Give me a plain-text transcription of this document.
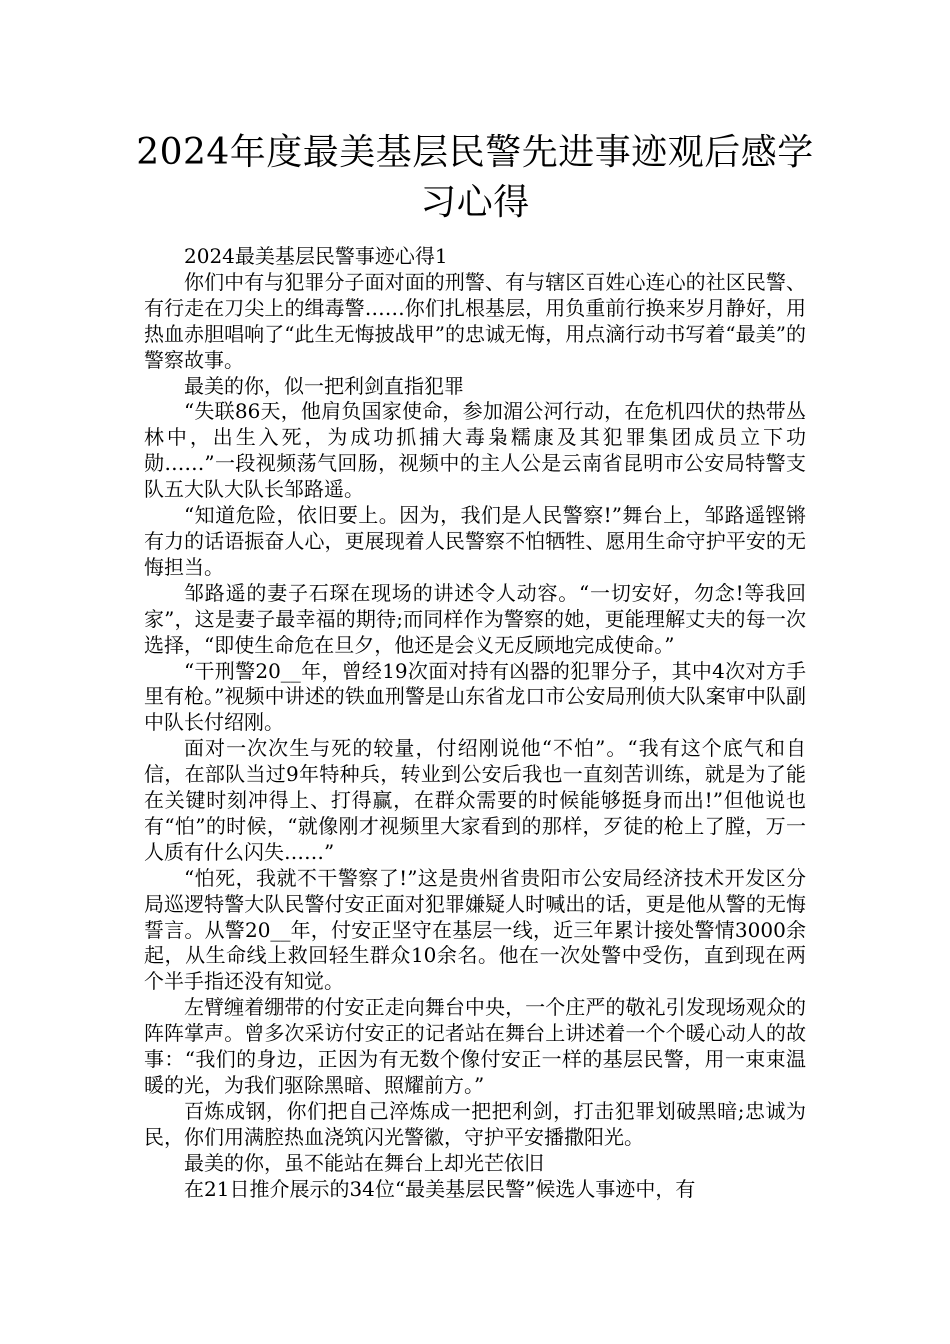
2024年度最美基层民警先进事迹观后感学
习心得

2024最美基层民警事迹心得1

你们中有与犯罪分子面对面的刑警、有与辖区百姓心连心的社区民警、有行走在刀尖上的缉毒警……你们扎根基层，用负重前行换来岁月静好，用热血赤胆唱响了“此生无悔披战甲”的忠诚无悔，用点滴行动书写着“最美”的警察故事。

最美的你，似一把利剑直指犯罪

“失联86天，他肩负国家使命，参加湄公河行动，在危机四伏的热带丛林中，出生入死，为成功抓捕大毒枭糯康及其犯罪集团成员立下功勋……”一段视频荡气回肠，视频中的主人公是云南省昆明市公安局特警支队五大队大队长邹路遥。

“知道危险，依旧要上。因为，我们是人民警察!”舞台上，邹路遥铿锵有力的话语振奋人心，更展现着人民警察不怕牺牲、愿用生命守护平安的无悔担当。

邹路遥的妻子石琛在现场的讲述令人动容。“一切安好，勿念!等我回家”，这是妻子最幸福的期待;而同样作为警察的她，更能理解丈夫的每一次选择，“即使生命危在旦夕，他还是会义无反顾地完成使命。”

“干刑警20__年，曾经19次面对持有凶器的犯罪分子，其中4次对方手里有枪。”视频中讲述的铁血刑警是山东省龙口市公安局刑侦大队案审中队副中队长付绍刚。

面对一次次生与死的较量，付绍刚说他“不怕”。“我有这个底气和自信，在部队当过9年特种兵，转业到公安后我也一直刻苦训练，就是为了能在关键时刻冲得上、打得赢，在群众需要的时候能够挺身而出!”但他说也有“怕”的时候，“就像刚才视频里大家看到的那样，歹徒的枪上了膛，万一人质有什么闪失……”

“怕死，我就不干警察了!”这是贵州省贵阳市公安局经济技术开发区分局巡逻特警大队民警付安正面对犯罪嫌疑人时喊出的话，更是他从警的无悔誓言。从警20__年，付安正坚守在基层一线，近三年累计接处警情3000余起，从生命线上救回轻生群众10余名。他在一次处警中受伤，直到现在两个半手指还没有知觉。

左臂缠着绷带的付安正走向舞台中央，一个庄严的敬礼引发现场观众的阵阵掌声。曾多次采访付安正的记者站在舞台上讲述着一个个暖心动人的故事：“我们的身边，正因为有无数个像付安正一样的基层民警，用一束束温暖的光，为我们驱除黑暗、照耀前方。”

百炼成钢，你们把自己淬炼成一把把利剑，打击犯罪划破黑暗;忠诚为民，你们用满腔热血浇筑闪光警徽，守护平安播撒阳光。

最美的你，虽不能站在舞台上却光芒依旧

在21日推介展示的34位“最美基层民警”候选人事迹中，有
